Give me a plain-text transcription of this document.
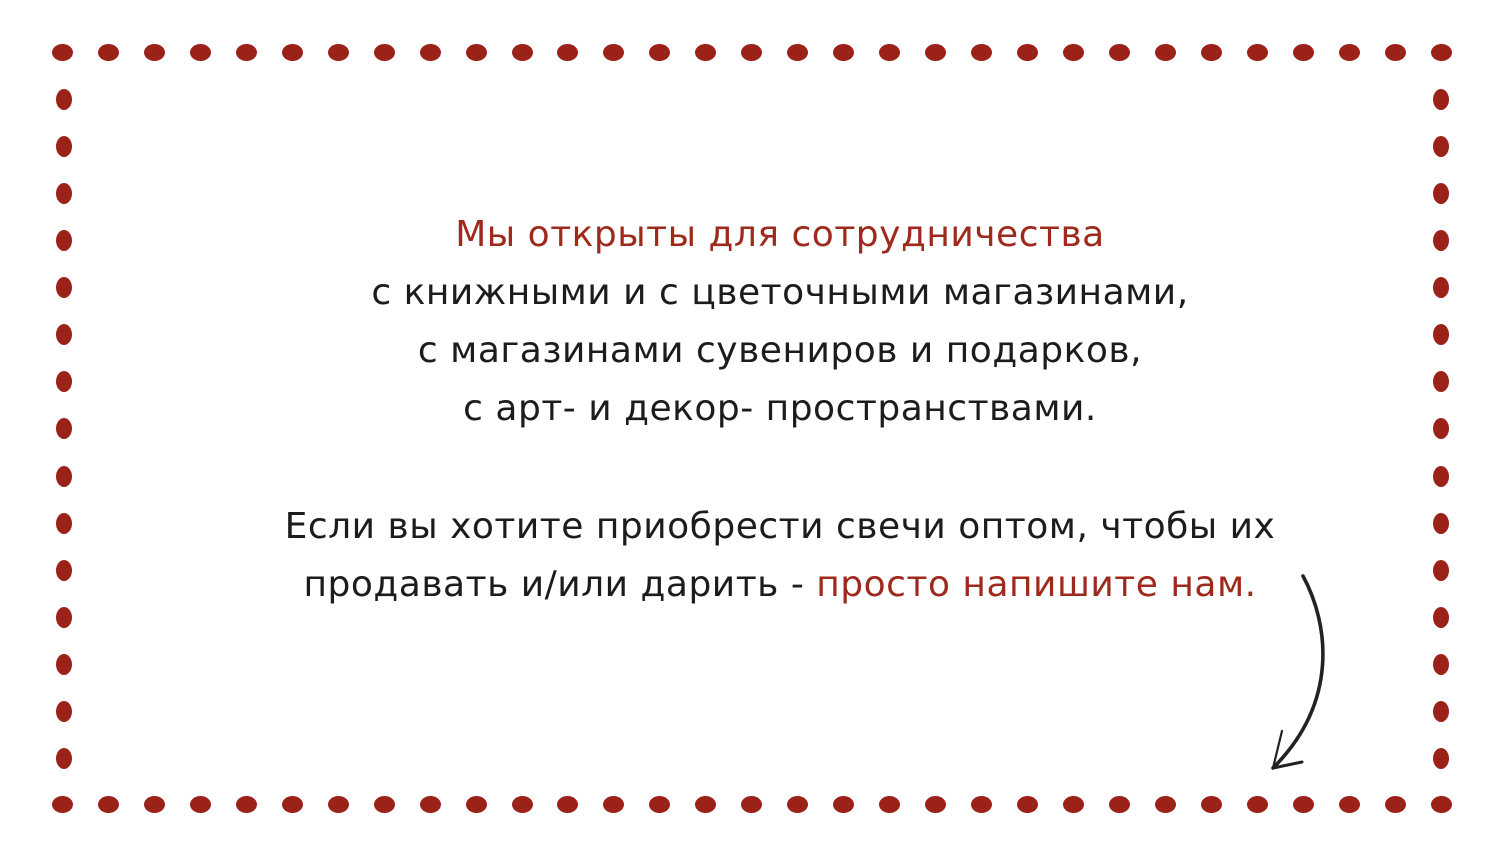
Мы открыты для сотрудничества

с книжными и с цветочными магазинами,

с магазинами сувениров и подарков,

с арт- и декор- пространствами.

Если вы хотите приобрести свечи оптом, чтобы их

продавать и/или дарить - просто напишите нам.
